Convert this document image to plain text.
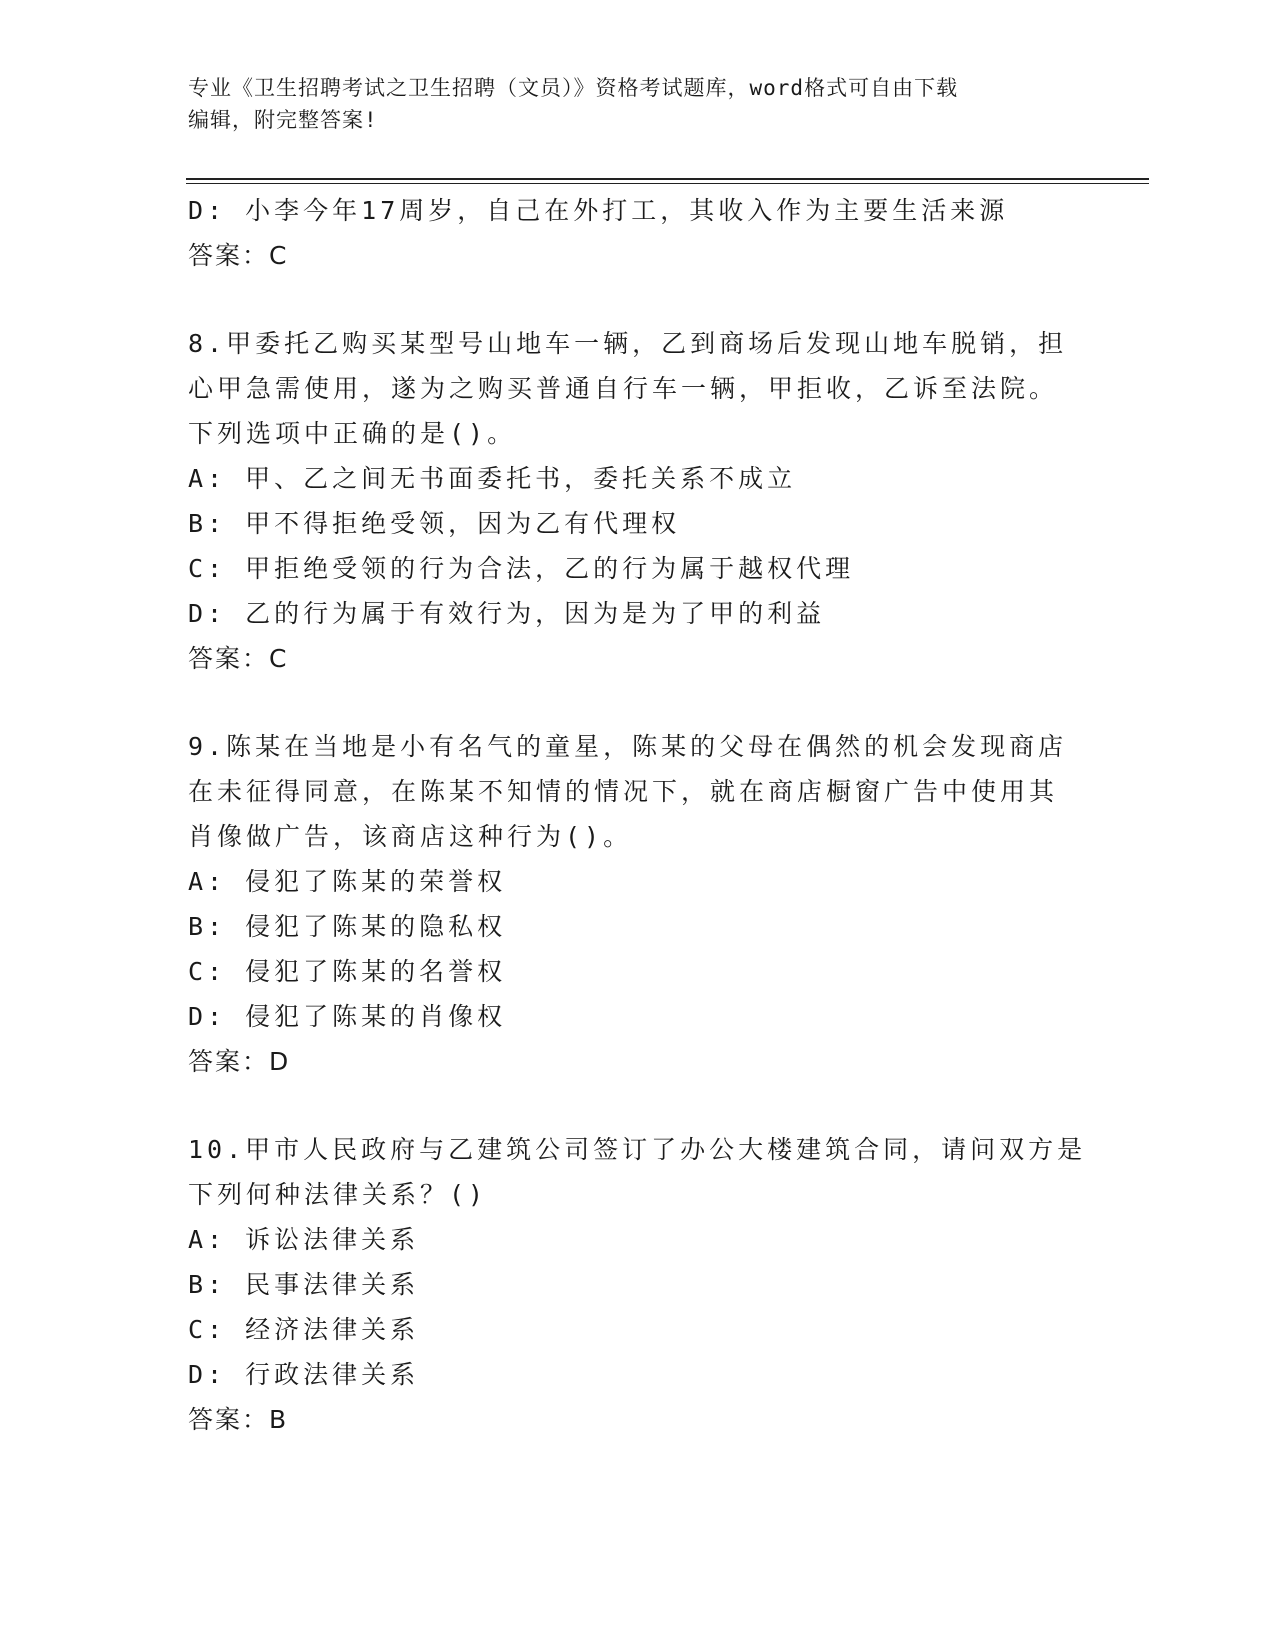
专业《卫生招聘考试之卫生招聘（文员）》资格考试题库，word格式可自由下载
编辑，附完整答案!
D: 小李今年17周岁，自己在外打工，其收入作为主要生活来源
答案：C
8.甲委托乙购买某型号山地车一辆，乙到商场后发现山地车脱销，担
心甲急需使用，遂为之购买普通自行车一辆，甲拒收，乙诉至法院。
下列选项中正确的是()。
A: 甲、乙之间无书面委托书，委托关系不成立
B: 甲不得拒绝受领，因为乙有代理权
C: 甲拒绝受领的行为合法，乙的行为属于越权代理
D: 乙的行为属于有效行为，因为是为了甲的利益
答案：C
9.陈某在当地是小有名气的童星，陈某的父母在偶然的机会发现商店
在未征得同意，在陈某不知情的情况下，就在商店橱窗广告中使用其
肖像做广告，该商店这种行为()。
A: 侵犯了陈某的荣誉权
B: 侵犯了陈某的隐私权
C: 侵犯了陈某的名誉权
D: 侵犯了陈某的肖像权
答案：D
10.甲市人民政府与乙建筑公司签订了办公大楼建筑合同，请问双方是
下列何种法律关系？()
A: 诉讼法律关系
B: 民事法律关系
C: 经济法律关系
D: 行政法律关系
答案：B
